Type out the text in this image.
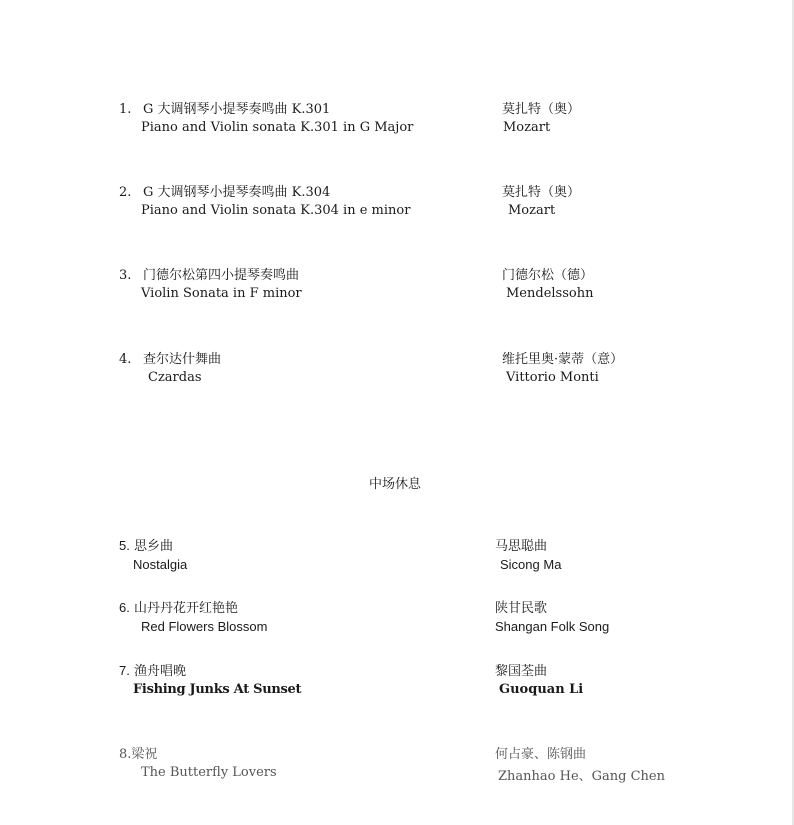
1. G 大调钢琴小提琴奏鸣曲 K.301

Piano and Violin sonata K.301 in G Major

莫扎特（奥）

Mozart

2. G 大调钢琴小提琴奏鸣曲 K.304

Piano and Violin sonata K.304 in e minor

莫扎特（奥）

Mozart

3. 门德尔松第四小提琴奏鸣曲

Violin Sonata in F minor

门德尔松（德）

Mendelssohn

4. 查尔达什舞曲

Czardas

维托里奥·蒙蒂（意）

Vittorio Monti

中场休息

5. 思乡曲

Nostalgia

马思聪曲

Sicong Ma

6. 山丹丹花开红艳艳

Red Flowers Blossom

陕甘民歌

Shangan Folk Song

7. 渔舟唱晚

Fishing Junks At Sunset

黎国荃曲

Guoquan Li

8.梁祝

The Butterfly Lovers

何占豪、陈钢曲

Zhanhao He、Gang Chen
